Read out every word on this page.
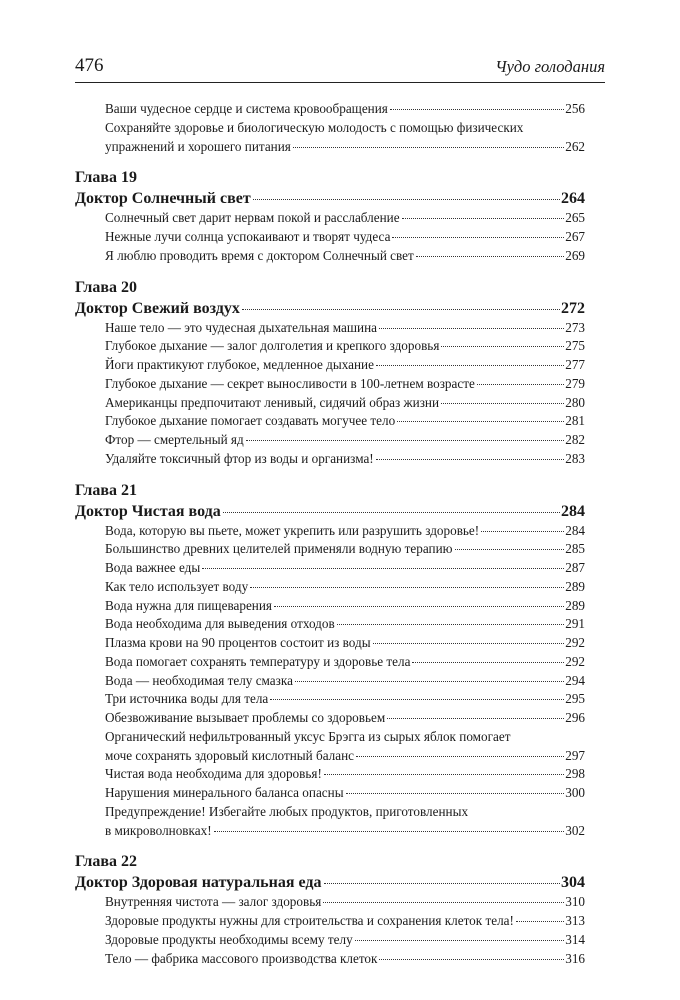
476	Чудо голодания
Ваши чудесное сердце и система кровообращения	256
Сохраняйте здоровье и биологическую молодость с помощью физических
упражнений и хорошего питания	262
Глава 19
Доктор Солнечный свет	264
Солнечный свет дарит нервам покой и расслабление	265
Нежные лучи солнца успокаивают и творят чудеса	267
Я люблю проводить время с доктором Солнечный свет	269
Глава 20
Доктор Свежий воздух	272
Наше тело — это чудесная дыхательная машина	273
Глубокое дыхание — залог долголетия и крепкого здоровья	275
Йоги практикуют глубокое, медленное дыхание	277
Глубокое дыхание — секрет выносливости в 100-летнем возрасте	279
Американцы предпочитают ленивый, сидячий образ жизни	280
Глубокое дыхание помогает создавать могучее тело	281
Фтор — смертельный яд	282
Удаляйте токсичный фтор из воды и организма!	283
Глава 21
Доктор Чистая вода	284
Вода, которую вы пьете, может укрепить или разрушить здоровье!	284
Большинство древних целителей применяли водную терапию	285
Вода важнее еды	287
Как тело использует воду	289
Вода нужна для пищеварения	289
Вода необходима для выведения отходов	291
Плазма крови на 90 процентов состоит из воды	292
Вода помогает сохранять температуру и здоровье тела	292
Вода — необходимая телу смазка	294
Три источника воды для тела	295
Обезвоживание вызывает проблемы со здоровьем	296
Органический нефильтрованный уксус Брэгга из сырых яблок помогает
моче сохранять здоровый кислотный баланс	297
Чистая вода необходима для здоровья!	298
Нарушения минерального баланса опасны	300
Предупреждение! Избегайте любых продуктов, приготовленных
в микроволновках!	302
Глава 22
Доктор Здоровая натуральная еда	304
Внутренняя чистота — залог здоровья	310
Здоровые продукты нужны для строительства и сохранения клеток тела!	313
Здоровые продукты необходимы всему телу	314
Тело — фабрика массового производства клеток	316
